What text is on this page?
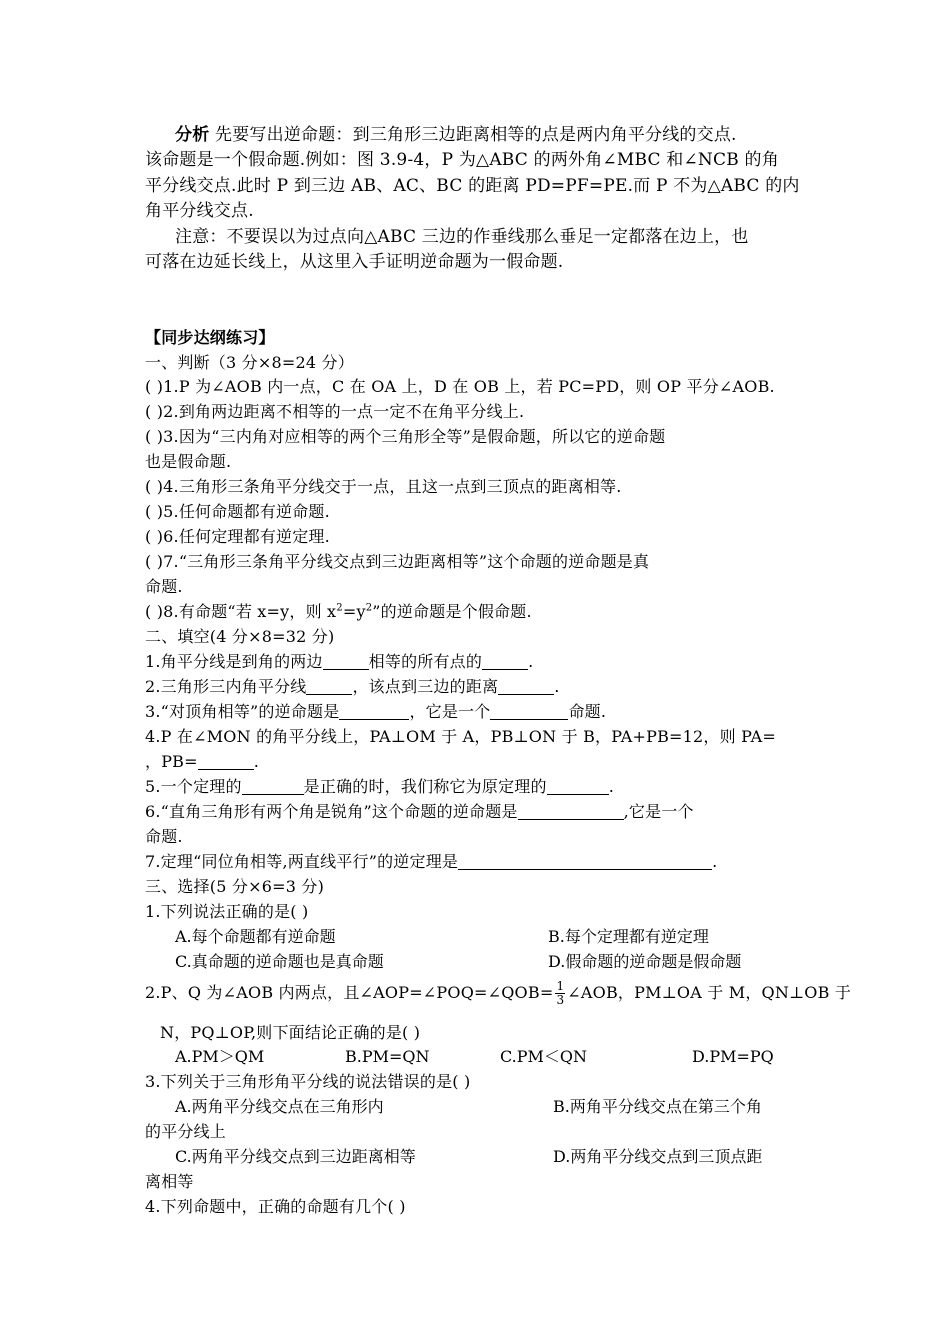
分析 先要写出逆命题：到三角形三边距离相等的点是两内角平分线的交点.
该命题是一个假命题.例如：图 3.9-4，P 为△ABC 的两外角∠MBC 和∠NCB 的角
平分线交点.此时 P 到三边 AB、AC、BC 的距离 PD=PF=PE.而 P 不为△ABC 的内
角平分线交点.
注意：不要误以为过点向△ABC 三边的作垂线那么垂足一定都落在边上，也
可落在边延长线上，从这里入手证明逆命题为一假命题.
【同步达纲练习】
一、判断（3 分×8=24 分）
( )1.P 为∠AOB 内一点，C 在 OA 上，D 在 OB 上，若 PC=PD，则 OP 平分∠AOB.
( )2.到角两边距离不相等的一点一定不在角平分线上.
( )3.因为“三内角对应相等的两个三角形全等”是假命题，所以它的逆命题
也是假命题.
( )4.三角形三条角平分线交于一点，且这一点到三顶点的距离相等.
( )5.任何命题都有逆命题.
( )6.任何定理都有逆定理.
( )7.“三角形三条角平分线交点到三边距离相等”这个命题的逆命题是真
命题.
( )8.有命题“若 x=y，则 $x^2=y^2$”的逆命题是个假命题.
二、填空(4 分×8=32 分)
1.角平分线是到角的两边	相等的所有点的	.
2.三角形三内角平分线	，该点到三边的距离	.
3.“对顶角相等”的逆命题是	，它是一个	命题.
4.P 在∠MON 的角平分线上，PA⊥OM 于 A，PB⊥ON 于 B，PA+PB=12，则 PA=
，PB=	.
5.一个定理的	是正确的时，我们称它为原定理的	.
6.“直角三角形有两个角是锐角”这个命题的逆命题是	,它是一个
命题.
7.定理“同位角相等,两直线平行”的逆定理是	.
三、选择(5 分×6=3 分)
1.下列说法正确的是( )
A.每个命题都有逆命题	B.每个定理都有逆定理
C.真命题的逆命题也是真命题	D.假命题的逆命题是假命题
2.P、Q 为∠AOB 内两点，且∠AOP=∠POQ=∠QOB= $\frac{1}{3}$ ∠AOB，PM⊥OA 于 M，QN⊥OB 于
N，PQ⊥OP,则下面结论正确的是( )
A.PM＞QM	B.PM=QN	C.PM＜QN	D.PM=PQ
3.下列关于三角形角平分线的说法错误的是( )
A.两角平分线交点在三角形内	B.两角平分线交点在第三个角
的平分线上
C.两角平分线交点到三边距离相等	D.两角平分线交点到三顶点距
离相等
4.下列命题中，正确的命题有几个( )
